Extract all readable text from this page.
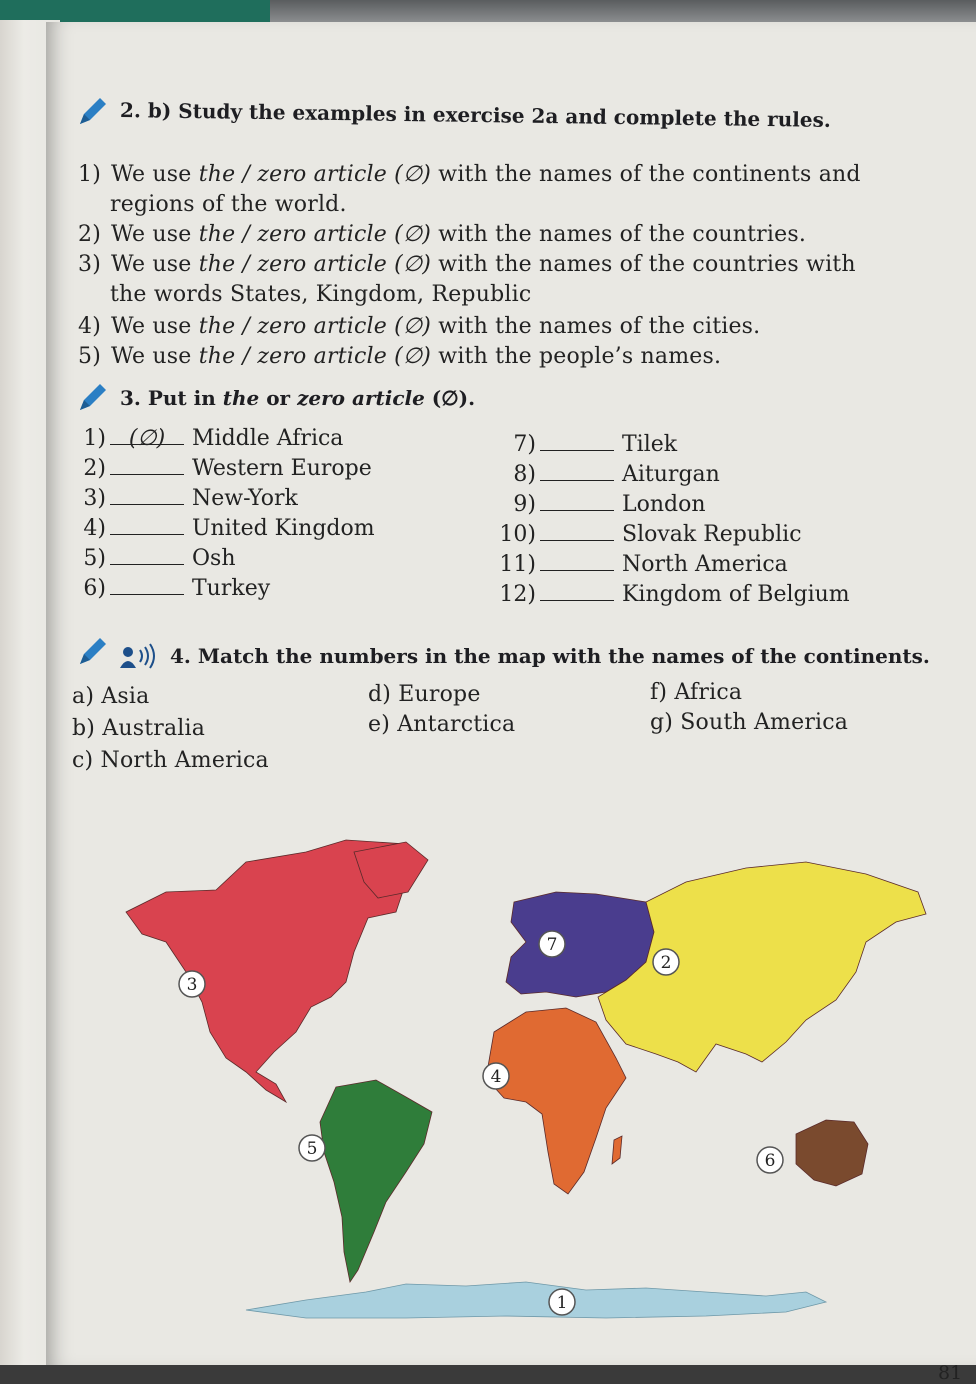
2. b) Study the examples in exercise 2a and complete the rules.
1) We use the / zero article (∅) with the names of the continents and
regions of the world.
2) We use the / zero article (∅) with the names of the countries.
3) We use the / zero article (∅) with the names of the countries with
the words States, Kingdom, Republic
4) We use the / zero article (∅) with the names of the cities.
5) We use the / zero article (∅) with the people’s names.
3. Put in the or zero article (∅).
1) (∅) Middle Africa
2)	Western Europe
3)	New-York
4)	United Kingdom
5)	Osh
6)	Turkey
7)	Tilek
8)	Aiturgan
9)	London
10)	Slovak Republic
11)	North America
12)	Kingdom of Belgium
4. Match the numbers in the map with the names of the continents.
a) Asia
b) Australia
c) North America
d) Europe
e) Antarctica
f) Africa
g) South America
1
2
3
4
5
6
7
81
